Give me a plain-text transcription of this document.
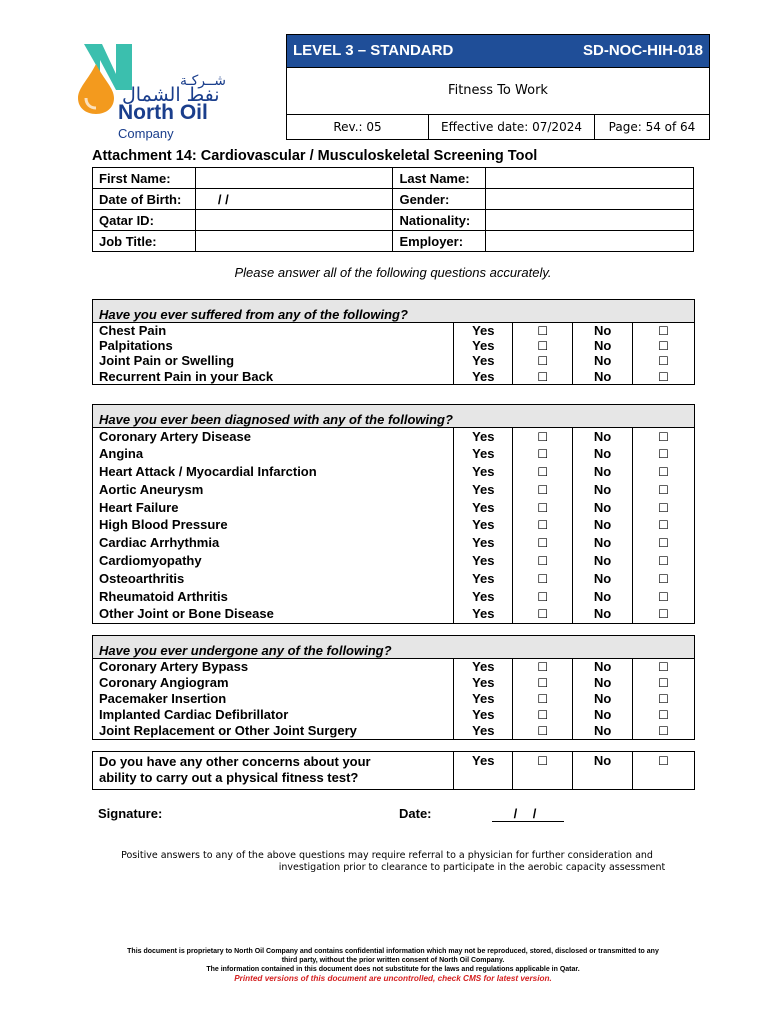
شــركـة
نفط الشمال
North Oil
Company
LEVEL 3 – STANDARD	SD-NOC-HIH-018
Fitness To Work
Rev.: 05	Effective date: 07/2024	Page: 54 of 64
Attachment 14: Cardiovascular / Musculoskeletal Screening Tool
First Name:		Last Name:	
Date of Birth:	/ /	Gender:	
Qatar ID:		Nationality:	
Job Title:		Employer:	
Please answer all of the following questions accurately.
Have you ever suffered from any of the following?				
Chest Pain	Yes	☐	No	☐
Palpitations	Yes	☐	No	☐
Joint Pain or Swelling	Yes	☐	No	☐
Recurrent Pain in your Back	Yes	☐	No	☐
Have you ever been diagnosed with any of the following?				
Coronary Artery Disease	Yes	☐	No	☐
Angina	Yes	☐	No	☐
Heart Attack / Myocardial Infarction	Yes	☐	No	☐
Aortic Aneurysm	Yes	☐	No	☐
Heart Failure	Yes	☐	No	☐
High Blood Pressure	Yes	☐	No	☐
Cardiac Arrhythmia	Yes	☐	No	☐
Cardiomyopathy	Yes	☐	No	☐
Osteoarthritis	Yes	☐	No	☐
Rheumatoid Arthritis	Yes	☐	No	☐
Other Joint or Bone Disease	Yes	☐	No	☐
Have you ever undergone any of the following?				
Coronary Artery Bypass	Yes	☐	No	☐
Coronary Angiogram	Yes	☐	No	☐
Pacemaker Insertion	Yes	☐	No	☐
Implanted Cardiac Defibrillator	Yes	☐	No	☐
Joint Replacement or Other Joint Surgery	Yes	☐	No	☐
Do you have any other concerns about your
ability to carry out a physical fitness test?
	Yes	☐	No	☐
Signature:	Date:	/ /
Positive answers to any of the above questions may require referral to a physician for further consideration and
investigation prior to clearance to participate in the aerobic capacity assessment
This document is proprietary to North Oil Company and contains confidential information which may not be reproduced, stored, disclosed or transmitted to any
third party, without the prior written consent of North Oil Company.
The information contained in this document does not substitute for the laws and regulations applicable in Qatar.
Printed versions of this document are uncontrolled, check CMS for latest version.
